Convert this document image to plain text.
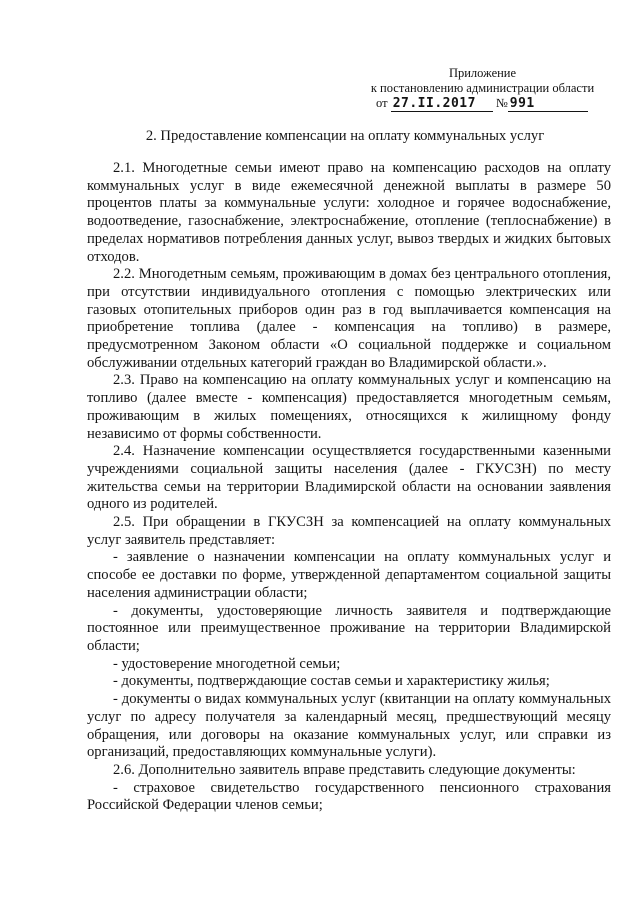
Приложение
к постановлению администрации области
от 27.II.2017 № 991
2. Предоставление компенсации на оплату коммунальных услуг

2.1. Многодетные семьи имеют право на компенсацию расходов на оплату коммунальных услуг в виде ежемесячной денежной выплаты в размере 50 процентов платы за коммунальные услуги: холодное и горячее водоснабжение, водоотведение, газоснабжение, электроснабжение, отопление (теплоснабжение) в пределах нормативов потребления данных услуг, вывоз твердых и жидких бытовых отходов.

2.2. Многодетным семьям, проживающим в домах без центрального отопления, при отсутствии индивидуального отопления с помощью электрических или газовых отопительных приборов один раз в год выплачивается компенсация на приобретение топлива (далее - компенсация на топливо) в размере, предусмотренном Законом области «О социальной поддержке и социальном обслуживании отдельных категорий граждан во Владимирской области.».

2.3. Право на компенсацию на оплату коммунальных услуг и компенсацию на топливо (далее вместе - компенсация) предоставляется многодетным семьям, проживающим в жилых помещениях, относящихся к жилищному фонду независимо от формы собственности.

2.4. Назначение компенсации осуществляется государственными казенными учреждениями социальной защиты населения (далее - ГКУСЗН) по месту жительства семьи на территории Владимирской области на основании заявления одного из родителей.

2.5. При обращении в ГКУСЗН за компенсацией на оплату коммунальных услуг заявитель представляет:

- заявление о назначении компенсации на оплату коммунальных услуг и способе ее доставки по форме, утвержденной департаментом социальной защиты населения администрации области;

- документы, удостоверяющие личность заявителя и подтверждающие постоянное или преимущественное проживание на территории Владимирской области;

- удостоверение многодетной семьи;

- документы, подтверждающие состав семьи и характеристику жилья;

- документы о видах коммунальных услуг (квитанции на оплату коммунальных услуг по адресу получателя за календарный месяц, предшествующий месяцу обращения, или договоры на оказание коммунальных услуг, или справки из организаций, предоставляющих коммунальные услуги).

2.6. Дополнительно заявитель вправе представить следующие документы:

- страховое свидетельство государственного пенсионного страхования Российской Федерации членов семьи;
